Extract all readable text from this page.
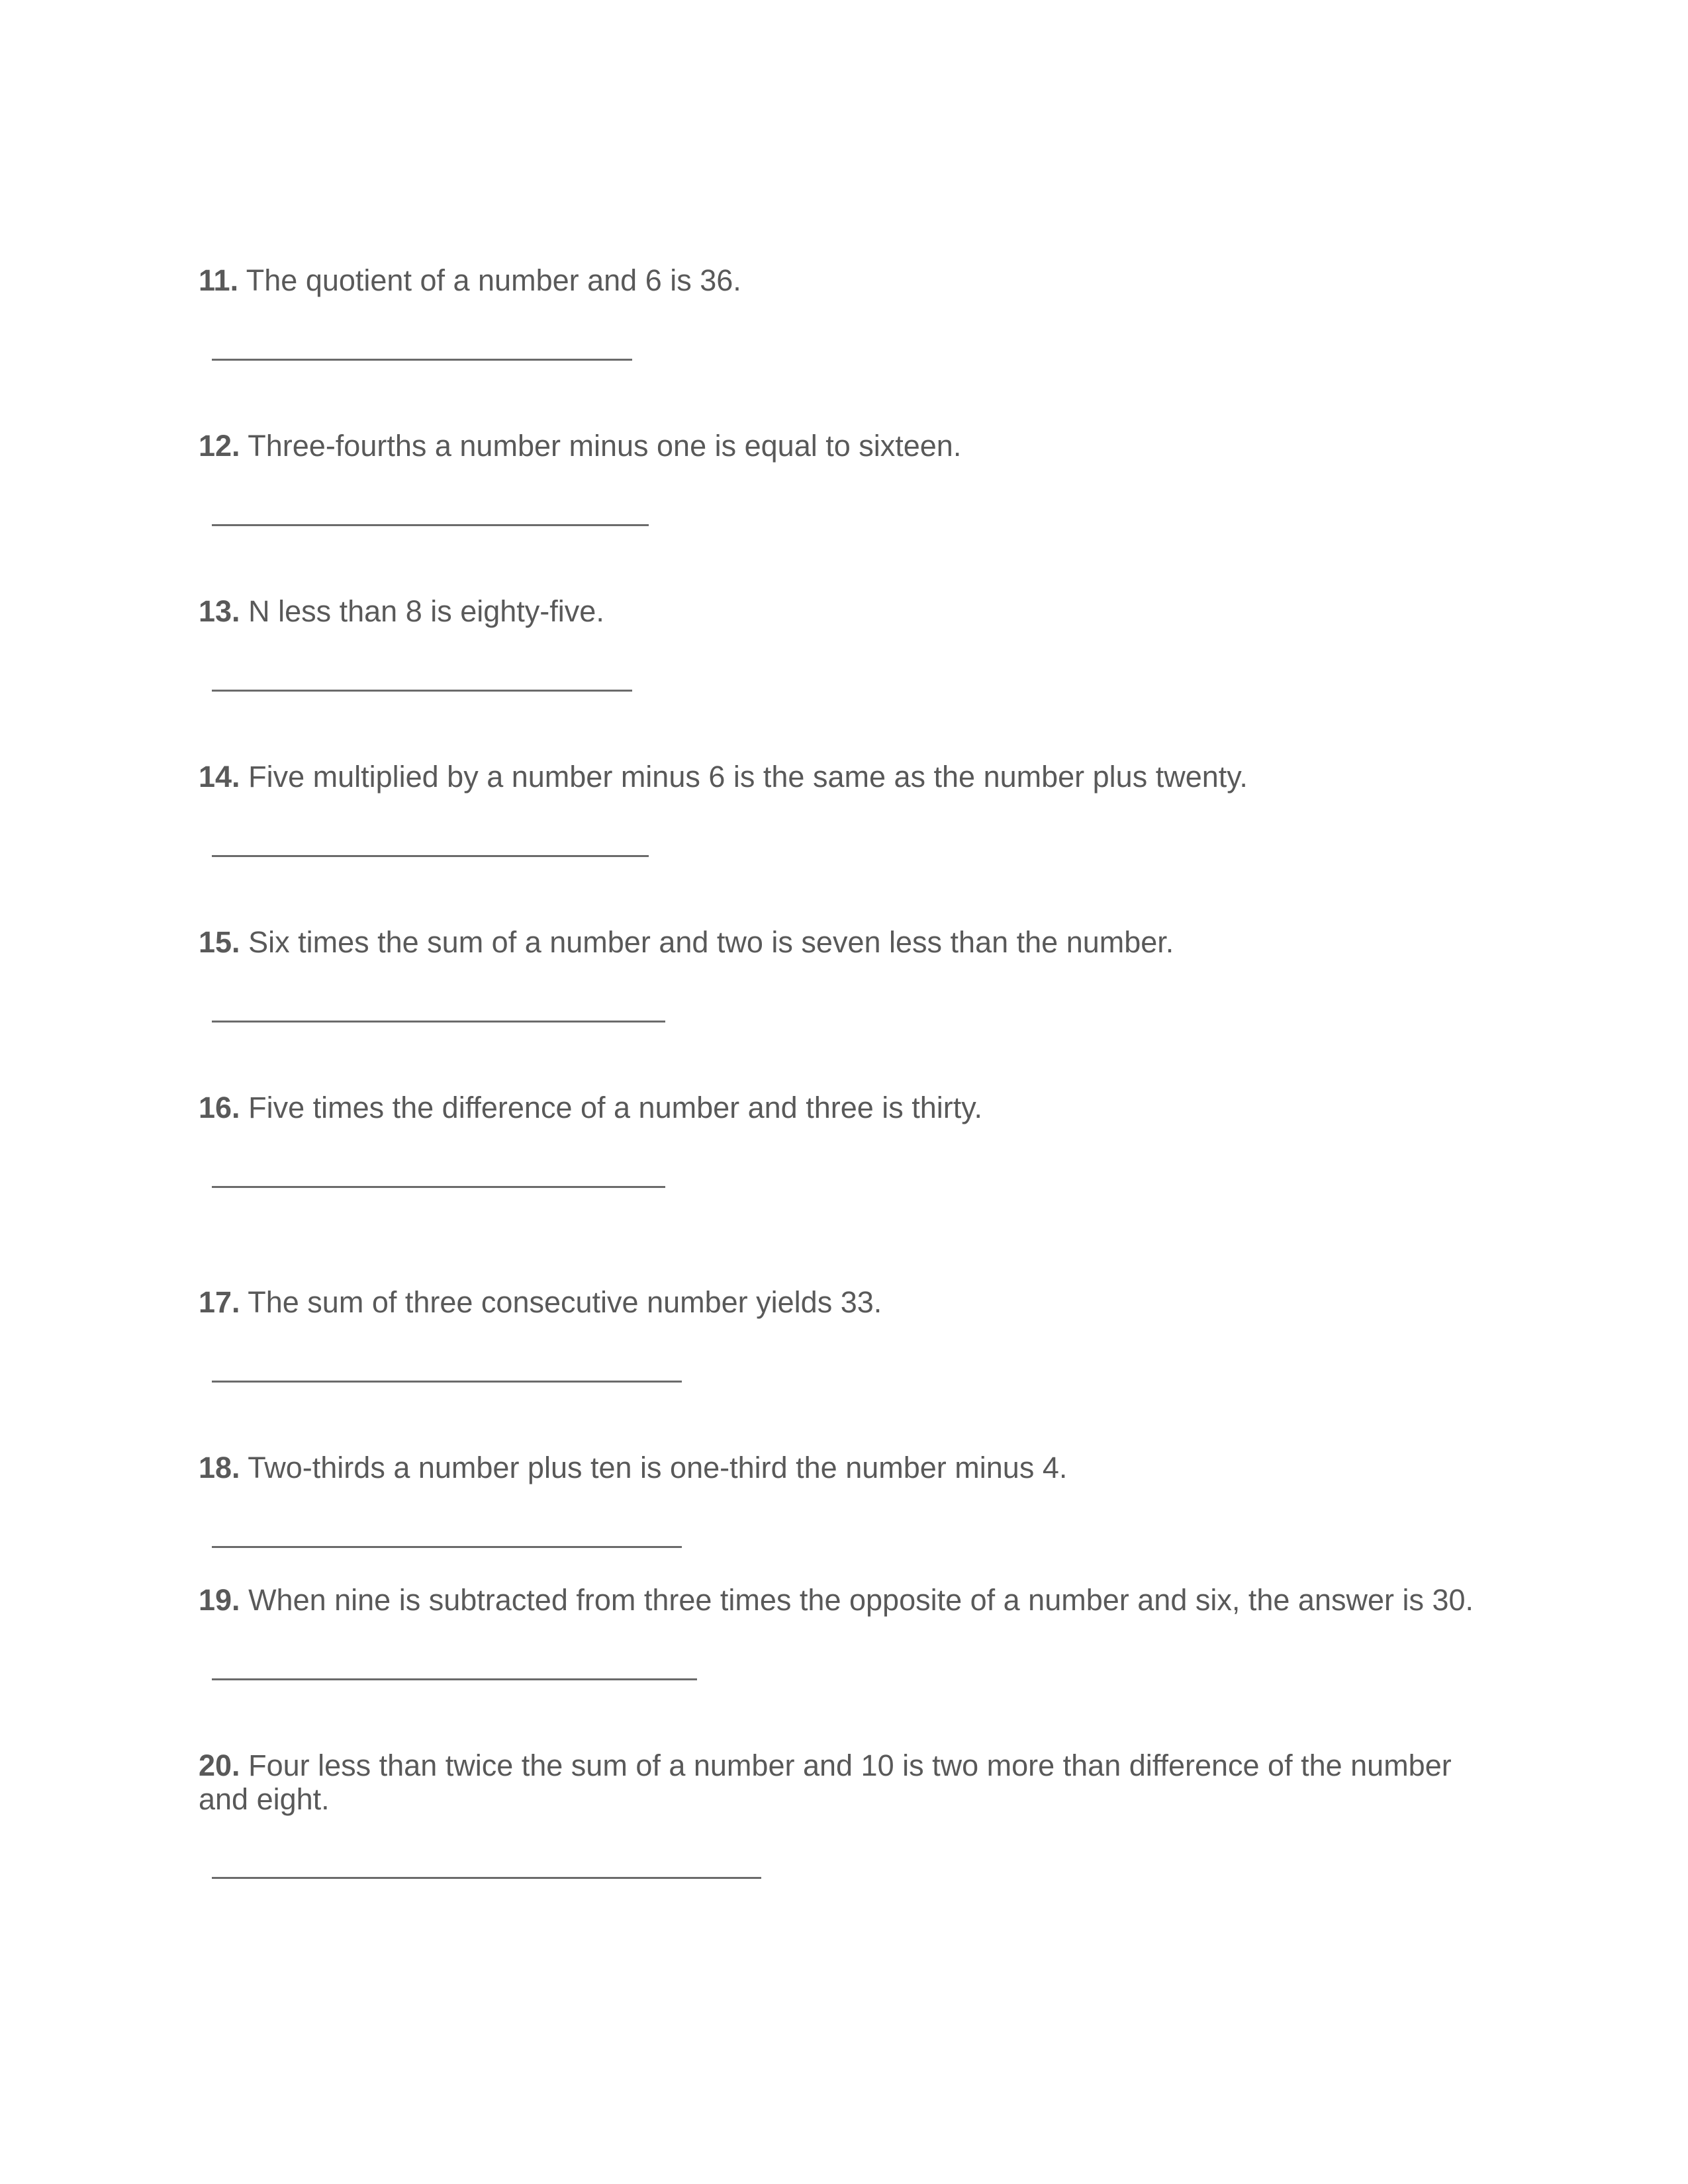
11. The quotient of a number and 6 is 36.

12. Three-fourths a number minus one is equal to sixteen.

13. N less than 8 is eighty-five.

14. Five multiplied by a number minus 6 is the same as the number plus twenty.

15. Six times the sum of a number and two is seven less than the number.

16. Five times the difference of a number and three is thirty.

17. The sum of three consecutive number yields 33.

18. Two-thirds a number plus ten is one-third the number minus 4.

19. When nine is subtracted from three times the opposite of a number and six, the answer is 30.

20. Four less than twice the sum of a number and 10 is two more than difference of the number and eight.
